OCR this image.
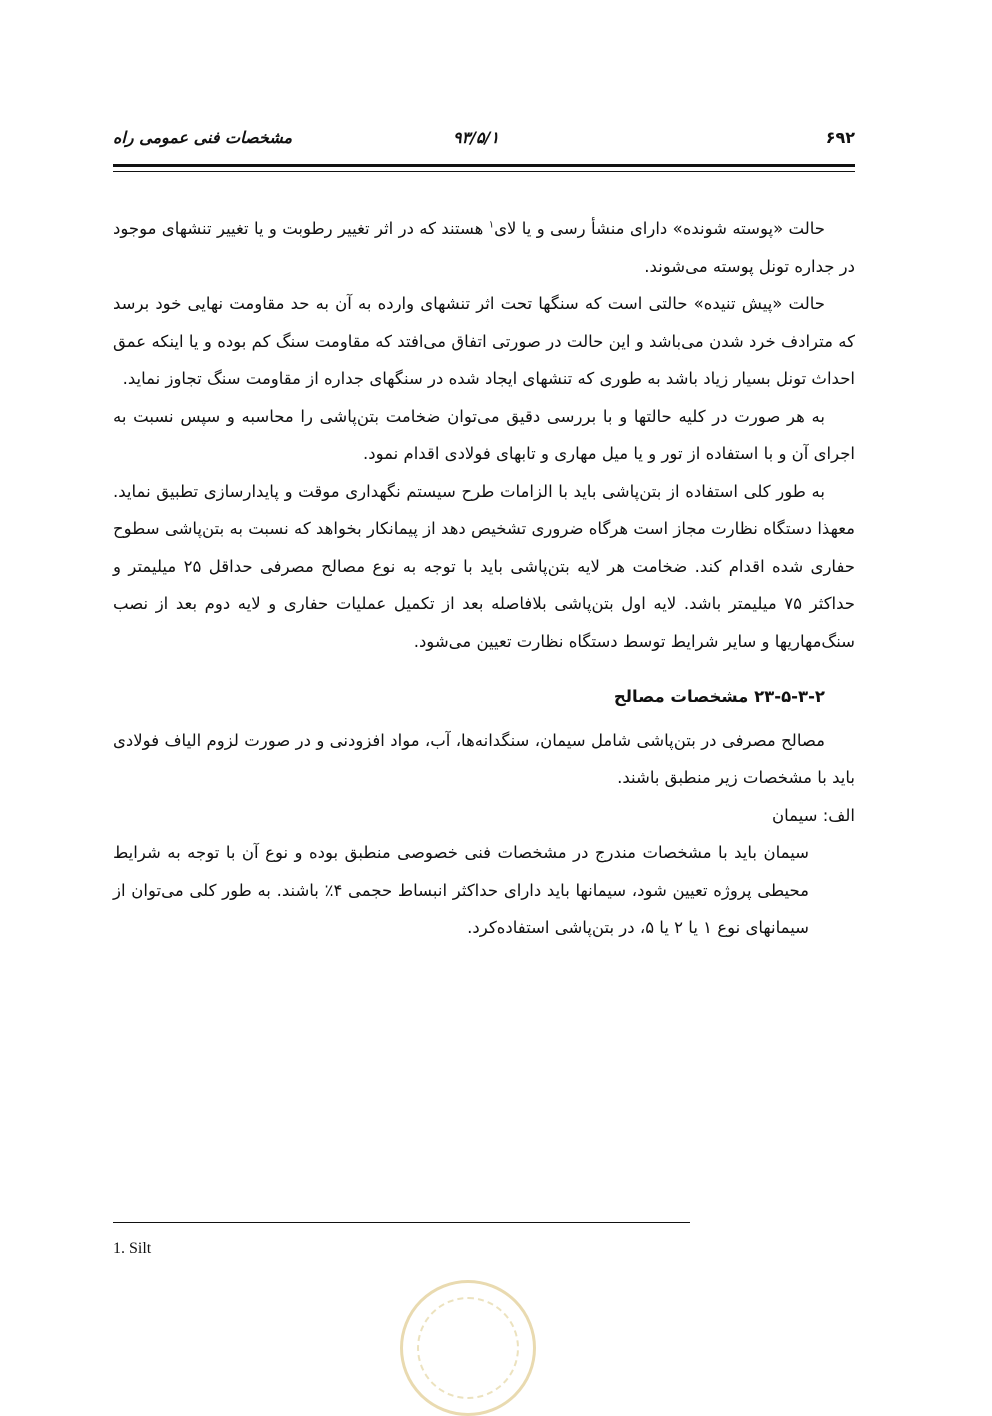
مشخصات فنی عمومی راه	۹۳/۵/۱	۶۹۲

حالت «پوسته شونده» دارای منشأ رسی و یا لای$^۱$ هستند که در اثر تغییر رطوبت و یا تغییر تنشهای موجود در جداره تونل پوسته می‌شوند.

حالت «پیش تنیده» حالتی است که سنگها تحت اثر تنشهای وارده به آن به حد مقاومت نهایی خود برسد که مترادف خرد شدن می‌باشد و این حالت در صورتی اتفاق می‌افتد که مقاومت سنگ کم بوده و یا اینکه عمق احداث تونل بسیار زیاد باشد به طوری که تنشهای ایجاد شده در سنگهای جداره از مقاومت سنگ تجاوز نماید.

به هر صورت در کلیه حالتها و با بررسی دقیق می‌توان ضخامت بتن‌پاشی را محاسبه و سپس نسبت به اجرای آن و با استفاده از تور و یا میل مهاری و تابهای فولادی اقدام نمود.

به طور کلی استفاده از بتن‌پاشی باید با الزامات طرح سیستم نگهداری موقت و پایدارسازی تطبیق نماید. معهذا دستگاه نظارت مجاز است هرگاه ضروری تشخیص دهد از پیمانکار بخواهد که نسبت به بتن‌پاشی سطوح حفاری شده اقدام کند. ضخامت هر لایه بتن‌پاشی باید با توجه به نوع مصالح مصرفی حداقل ۲۵ میلیمتر و حداکثر ۷۵ میلیمتر باشد. لایه اول بتن‌پاشی بلافاصله بعد از تکمیل عملیات حفاری و لایه دوم بعد از نصب سنگ‌مهاریها و سایر شرایط توسط دستگاه نظارت تعیین می‌شود.

۲۳-۵-۳-۲ مشخصات مصالح

مصالح مصرفی در بتن‌پاشی شامل سیمان، سنگدانه‌ها، آب، مواد افزودنی و در صورت لزوم الیاف فولادی باید با مشخصات زیر منطبق باشند.

الف: سیمان

سیمان باید با مشخصات مندرج در مشخصات فنی خصوصی منطبق بوده و نوع آن با توجه به شرایط محیطی پروژه تعیین شود، سیمانها باید دارای حداکثر انبساط حجمی ۴٪ باشند. به طور کلی می‌توان از سیمانهای نوع ۱ یا ۲ یا ۵، در بتن‌پاشی استفاده‌کرد.

1. Silt
